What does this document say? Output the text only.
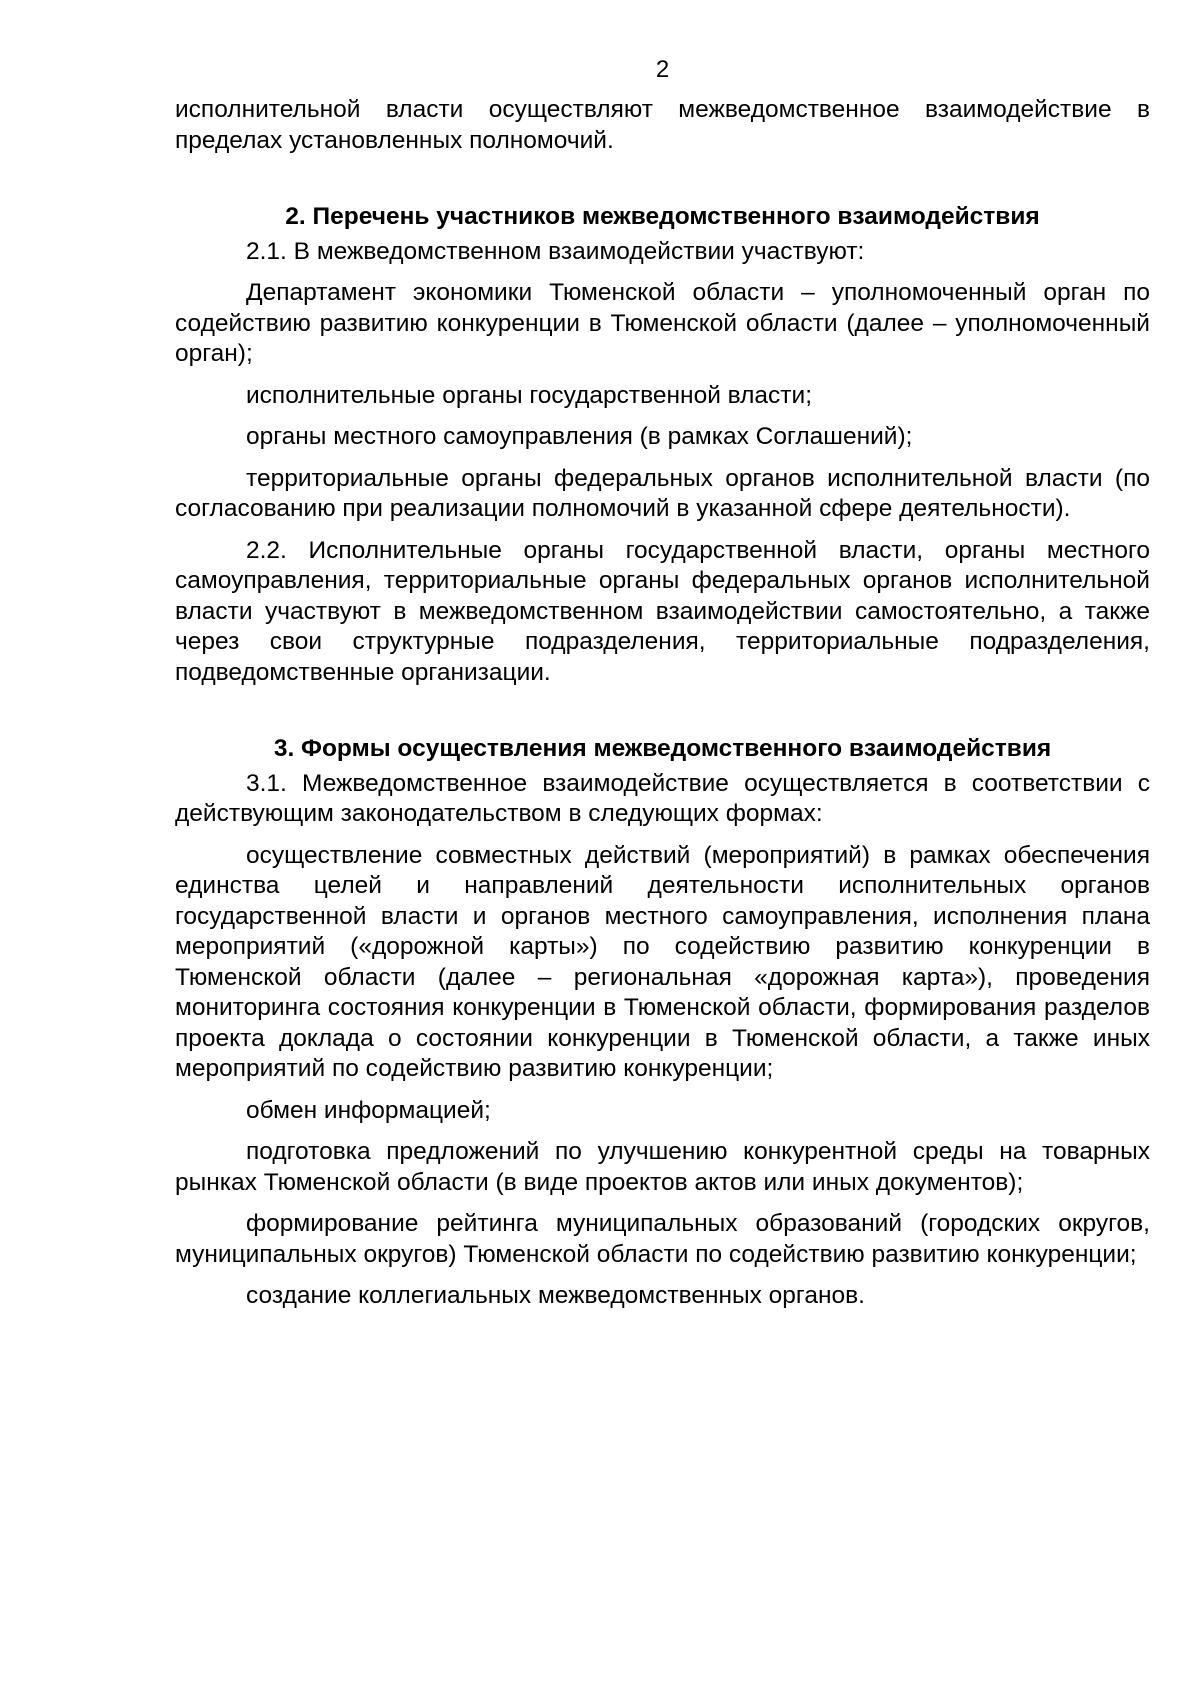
2

исполнительной власти осуществляют межведомственное взаимодействие в пределах установленных полномочий.

2. Перечень участников межведомственного взаимодействия

2.1. В межведомственном взаимодействии участвуют:

Департамент экономики Тюменской области – уполномоченный орган по содействию развитию конкуренции в Тюменской области (далее – уполномоченный орган);

исполнительные органы государственной власти;

органы местного самоуправления (в рамках Соглашений);

территориальные органы федеральных органов исполнительной власти (по согласованию при реализации полномочий в указанной сфере деятельности).

2.2. Исполнительные органы государственной власти, органы местного самоуправления, территориальные органы федеральных органов исполнительной власти участвуют в межведомственном взаимодействии самостоятельно, а также через свои структурные подразделения, территориальные подразделения, подведомственные организации.

3. Формы осуществления межведомственного взаимодействия

3.1. Межведомственное взаимодействие осуществляется в соответствии с действующим законодательством в следующих формах:

осуществление совместных действий (мероприятий) в рамках обеспечения единства целей и направлений деятельности исполнительных органов государственной власти и органов местного самоуправления, исполнения плана мероприятий («дорожной карты») по содействию развитию конкуренции в Тюменской области (далее – региональная «дорожная карта»), проведения мониторинга состояния конкуренции в Тюменской области, формирования разделов проекта доклада о состоянии конкуренции в Тюменской области, а также иных мероприятий по содействию развитию конкуренции;

обмен информацией;

подготовка предложений по улучшению конкурентной среды на товарных рынках Тюменской области (в виде проектов актов или иных документов);

формирование рейтинга муниципальных образований (городских округов, муниципальных округов) Тюменской области по содействию развитию конкуренции;

создание коллегиальных межведомственных органов.
